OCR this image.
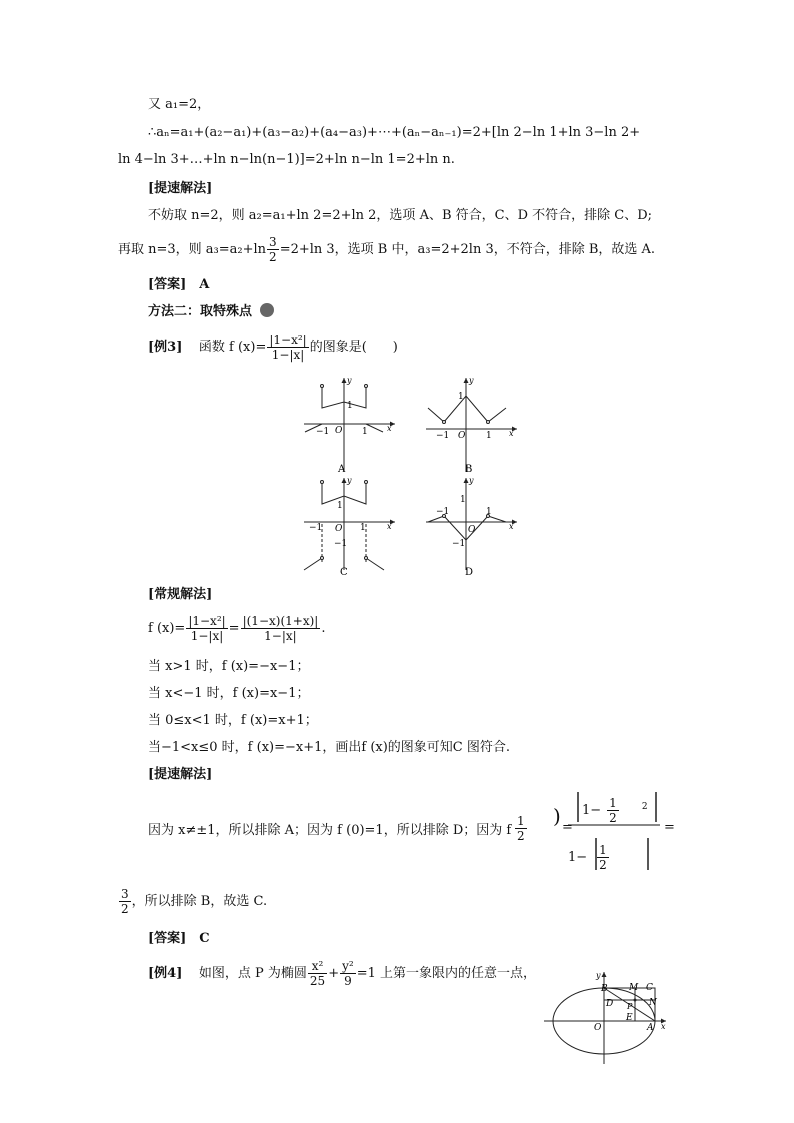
又 a₁=2，
∴aₙ=a₁+(a₂−a₁)+(a₃−a₂)+(a₄−a₃)+⋯+(aₙ−aₙ₋₁)=2+[ln 2−ln 1+ln 3−ln 2+
ln 4−ln 3+…+ln n−ln(n−1)]=2+ln n−ln 1=2+ln n.
[提速解法]
不妨取 n=2，则 a₂=a₁+ln 2=2+ln 2，选项 A、B 符合，C、D 不符合，排除 C、D;
再取 n=3，则 $a_3=a_2+\ln \frac{3}{2} =2+\ln$ 3，选项 B 中，a₃=2+2ln 3，不符合，排除 B，故选 A.
[答案]　A
方法二：取特殊点
[例3] 函数 f $(x)= \frac{\text{|1−x²|}}{1-|x|}$ 的图象是(　　)
y
x
O
1
−1	1
A
y
x
O
1
−1	1
B
y
x
O
1
−1	1
−1
C
y
x
O
1
−1	1
−1
D
[常规解法]
f $(x)= \frac{\text{|1−x²|}}{1-|x|} = \frac{|(1-x)(1+x)|}{1-|x|}$ .
当 x>1 时，f (x)=−x−1；
当 x<−1 时，f (x)=x−1；
当 0≤x<1 时，f (x)=x+1；
当−1<x≤0 时，f (x)=−x+1，画出f (x)的图象可知C 图符合.
[提速解法]
因为 x≠±1，所以排除 A；因为 f (0)=1，所以排除 D；因为 f $\frac{1}{2}$ ) =
$1- \frac{1}{2}$	$^2$
$1- \frac{1}{2}$
=
$\frac{3}{2}$ ，所以排除 B，故选 C.
[答案]　C
[例4] 如图，点 P 为椭圆 $\frac{\text{x²}}{25} + \frac{\text{y²}}{9} =1$ 上第一象限内的任意一点，	y
x
O	A
B	C
D
E
M
N
P
